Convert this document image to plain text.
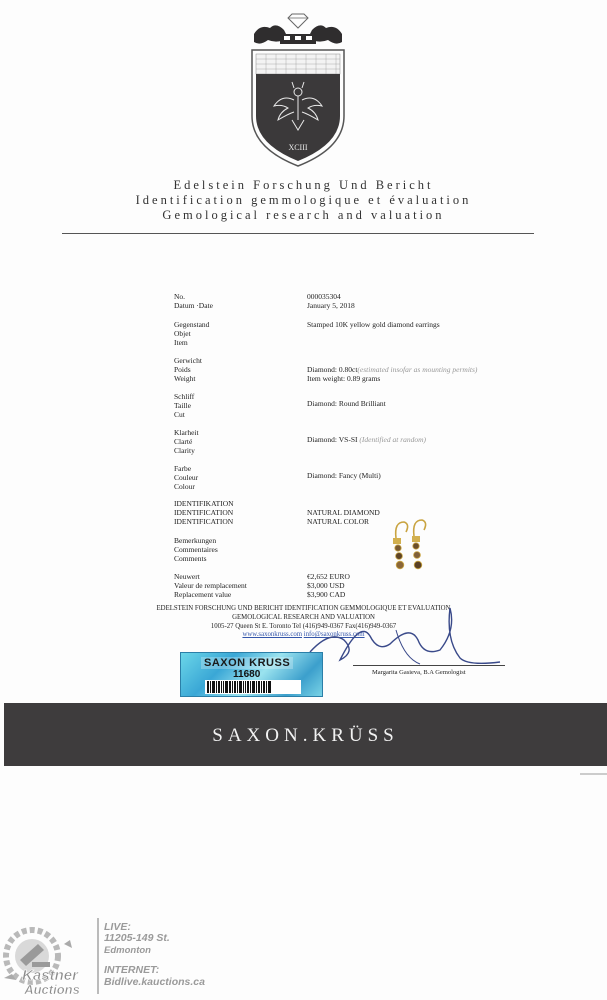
XCIII
Edelstein Forschung Und Bericht
Identification gemmologique et évaluation
Gemological research and valuation
No.
Datum ·Date
000035304
January 5, 2018
Gegenstand
Objet
Item
Stamped 10K yellow gold diamond earrings
Gerwicht
Poids
Weight
Diamond: 0.80ct(estimated insofar as mounting permits)
Item weight: 0.89 grams
Schliff
Taille
Cut
Diamond: Round Brilliant
Klarheit
Clarté
Clarity
Diamond: VS-SI (Identified at random)
Farbe
Couleur
Colour
Diamond: Fancy (Multi)
IDENTIFIKATION
IDENTIFICATION
IDENTIFICATION
NATURAL DIAMOND
NATURAL COLOR
Bemerkungen
Commentaires
Comments
Neuwert
Valeur de remplacement
Replacement value
€2,652 EURO
$3,000 USD
$3,900 CAD
EDELSTEIN FORSCHUNG UND BERICHT IDENTIFICATION GEMMOLOGIQUE ET EVALUATION
GEMOLOGICAL RESEARCH AND VALUATION
1005-27 Queen St E. Toronto Tel (416)949-0367 Fax(416)949-0367
www.saxonkruss.com info@saxonkruss.com
Margarita Gasieva, B.A Gemologist
SAXON KRUSS
11680
SAXON.KRÜSS
Kastner
Auctions
LIVE:
11205-149 St.
Edmonton
INTERNET:
Bidlive.kauctions.ca
